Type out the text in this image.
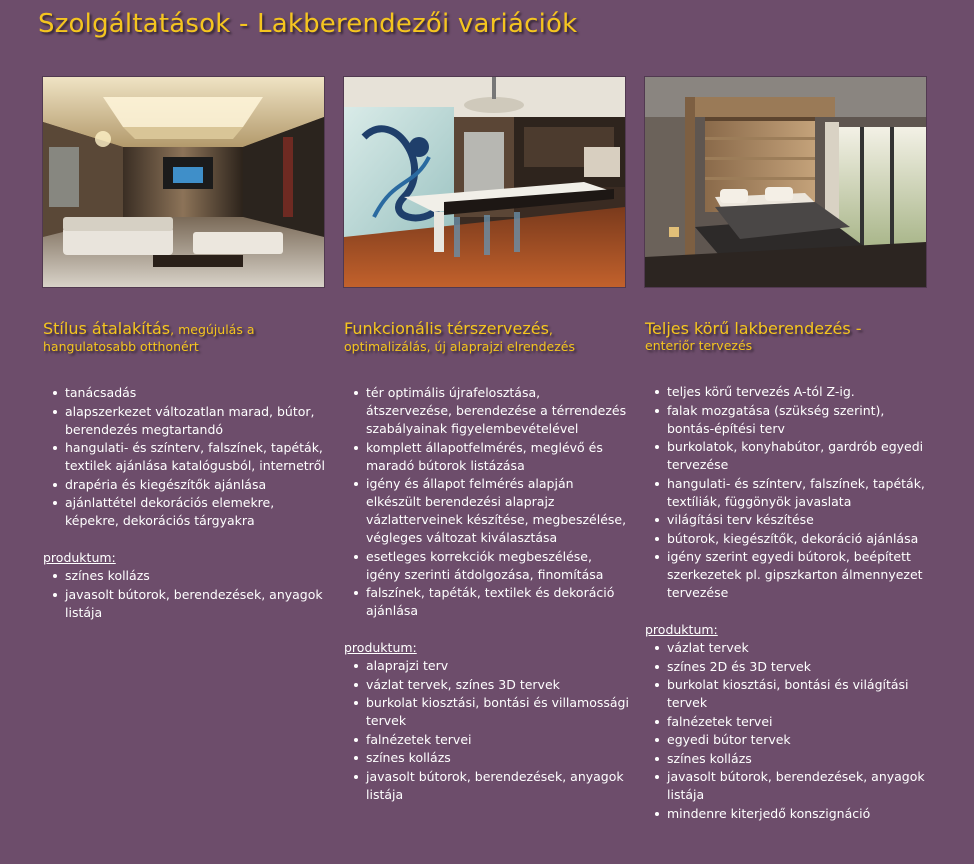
Szolgáltatások - Lakberendezői variációk
Stílus átalakítás, megújulás a hangulatosabb otthonért
tanácsadás
alapszerkezet változatlan marad, bútor, berendezés megtartandó
hangulati- és színterv, falszínek, tapéták, textilek ajánlása katalógusból, internetről
drapéria és kiegészítők ajánlása
ajánlattétel dekorációs elemekre, képekre, dekorációs tárgyakra
produktum:
színes kollázs
javasolt bútorok, berendezések, anyagok listája
Funkcionális térszervezés, optimalizálás, új alaprajzi elrendezés
tér optimális újrafelosztása, átszervezése, berendezése a térrendezés szabályainak figyelembevételével
komplett állapotfelmérés, meglévő és maradó bútorok listázása
igény és állapot felmérés alapján elkészült berendezési alaprajz vázlatterveinek készítése, megbeszélése, végleges változat kiválasztása
esetleges korrekciók megbeszélése, igény szerinti átdolgozása, finomítása
falszínek, tapéták, textilek és dekoráció ajánlása
produktum:
alaprajzi terv
vázlat tervek, színes 3D tervek
burkolat kiosztási, bontási és villamossági tervek
falnézetek tervei
színes kollázs
javasolt bútorok, berendezések, anyagok listája
Teljes körű lakberendezés -
enteriőr tervezés
teljes körű tervezés A-tól Z-ig.
falak mozgatása (szükség szerint), bontás-építési terv
burkolatok, konyhabútor, gardrób egyedi tervezése
hangulati- és színterv, falszínek, tapéták, textíliák, függönyök javaslata
világítási terv készítése
bútorok, kiegészítők, dekoráció ajánlása
igény szerint egyedi bútorok, beépített szerkezetek pl. gipszkarton álmennyezet tervezése
produktum:
vázlat tervek
színes 2D és 3D tervek
burkolat kiosztási, bontási és világítási tervek
falnézetek tervei
egyedi bútor tervek
színes kollázs
javasolt bútorok, berendezések, anyagok listája
mindenre kiterjedő konszignáció
